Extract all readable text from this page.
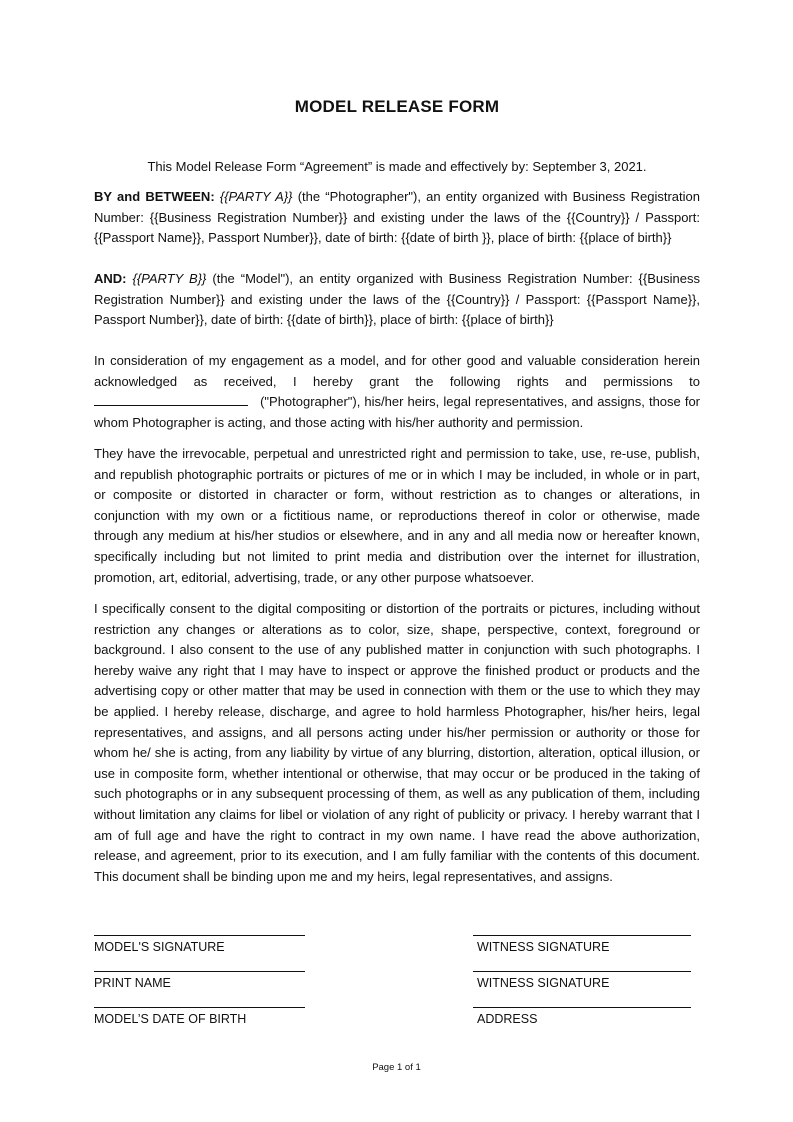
MODEL RELEASE FORM
This Model Release Form “Agreement” is made and effectively by: September 3, 2021.
BY and BETWEEN: {{PARTY A}} (the “Photographer"), an entity organized with Business Registration Number: {{Business Registration Number}} and existing under the laws of the {{Country}} / Passport: {{Passport Name}}, Passport Number}}, date of birth: {{date of birth }}, place of birth: {{place of birth}}
AND: {{PARTY B}} (the “Model"), an entity organized with Business Registration Number: {{Business Registration Number}} and existing under the laws of the {{Country}} / Passport: {{Passport Name}}, Passport Number}}, date of birth: {{date of birth}}, place of birth: {{place of birth}}
In consideration of my engagement as a model, and for other good and valuable consideration herein acknowledged as received, I hereby grant the following rights and permissions to  ("Photographer"), his/her heirs, legal representatives, and assigns, those for whom Photographer is acting, and those acting with his/her authority and permission.
They have the irrevocable, perpetual and unrestricted right and permission to take, use, re-use, publish, and republish photographic portraits or pictures of me or in which I may be included, in whole or in part, or composite or distorted in character or form, without restriction as to changes or alterations, in conjunction with my own or a fictitious name, or reproductions thereof in color or otherwise, made through any medium at his/her studios or elsewhere, and in any and all media now or hereafter known, specifically including but not limited to print media and distribution over the internet for illustration, promotion, art, editorial, advertising, trade, or any other purpose whatsoever.
I specifically consent to the digital compositing or distortion of the portraits or pictures, including without restriction any changes or alterations as to color, size, shape, perspective, context, foreground or background. I also consent to the use of any published matter in conjunction with such photographs. I hereby waive any right that I may have to inspect or approve the finished product or products and the advertising copy or other matter that may be used in connection with them or the use to which they may be applied. I hereby release, discharge, and agree to hold harmless Photographer, his/her heirs, legal representatives, and assigns, and all persons acting under his/her permission or authority or those for whom he/ she is acting, from any liability by virtue of any blurring, distortion, alteration, optical illusion, or use in composite form, whether intentional or otherwise, that may occur or be produced in the taking of such photographs or in any subsequent processing of them, as well as any publication of them, including without limitation any claims for libel or violation of any right of publicity or privacy. I hereby warrant that I am of full age and have the right to contract in my own name. I have read the above authorization, release, and agreement, prior to its execution, and I am fully familiar with the contents of this document. This document shall be binding upon me and my heirs, legal representatives, and assigns.
MODEL'S SIGNATURE	WITNESS SIGNATURE
PRINT NAME	WITNESS SIGNATURE
MODEL’S DATE OF BIRTH	ADDRESS
Page 1 of 1
